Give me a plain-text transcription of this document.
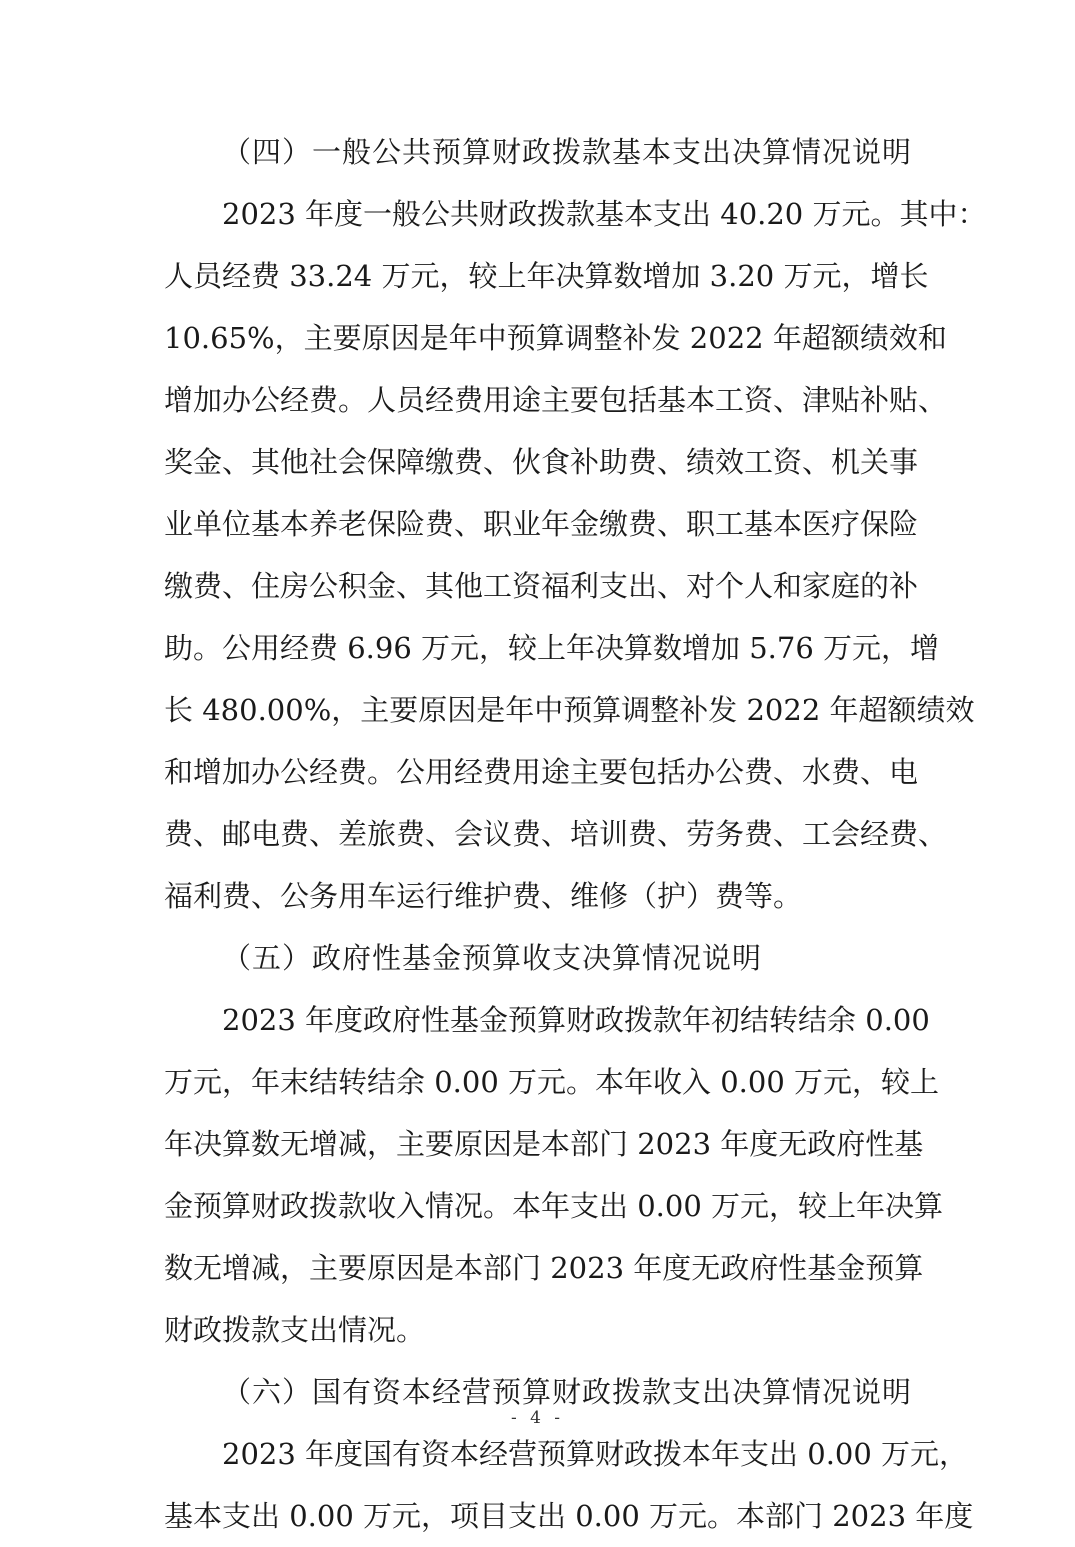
（四）一般公共预算财政拨款基本支出决算情况说明
2023 年度一般公共财政拨款基本支出 40.20 万元。其中：
人员经费 33.24 万元，较上年决算数增加 3.20 万元，增长
10.65%，主要原因是年中预算调整补发 2022 年超额绩效和
增加办公经费。人员经费用途主要包括基本工资、津贴补贴、
奖金、其他社会保障缴费、伙食补助费、绩效工资、机关事
业单位基本养老保险费、职业年金缴费、职工基本医疗保险
缴费、住房公积金、其他工资福利支出、对个人和家庭的补
助。公用经费 6.96 万元，较上年决算数增加 5.76 万元，增
长 480.00%，主要原因是年中预算调整补发 2022 年超额绩效
和增加办公经费。公用经费用途主要包括办公费、水费、电
费、邮电费、差旅费、会议费、培训费、劳务费、工会经费、
福利费、公务用车运行维护费、维修（护）费等。
（五）政府性基金预算收支决算情况说明
2023 年度政府性基金预算财政拨款年初结转结余 0.00
万元，年末结转结余 0.00 万元。本年收入 0.00 万元，较上
年决算数无增减，主要原因是本部门 2023 年度无政府性基
金预算财政拨款收入情况。本年支出 0.00 万元，较上年决算
数无增减，主要原因是本部门 2023 年度无政府性基金预算
财政拨款支出情况。
（六）国有资本经营预算财政拨款支出决算情况说明
2023 年度国有资本经营预算财政拨本年支出 0.00 万元，
基本支出 0.00 万元，项目支出 0.00 万元。本部门 2023 年度
- 4 -
